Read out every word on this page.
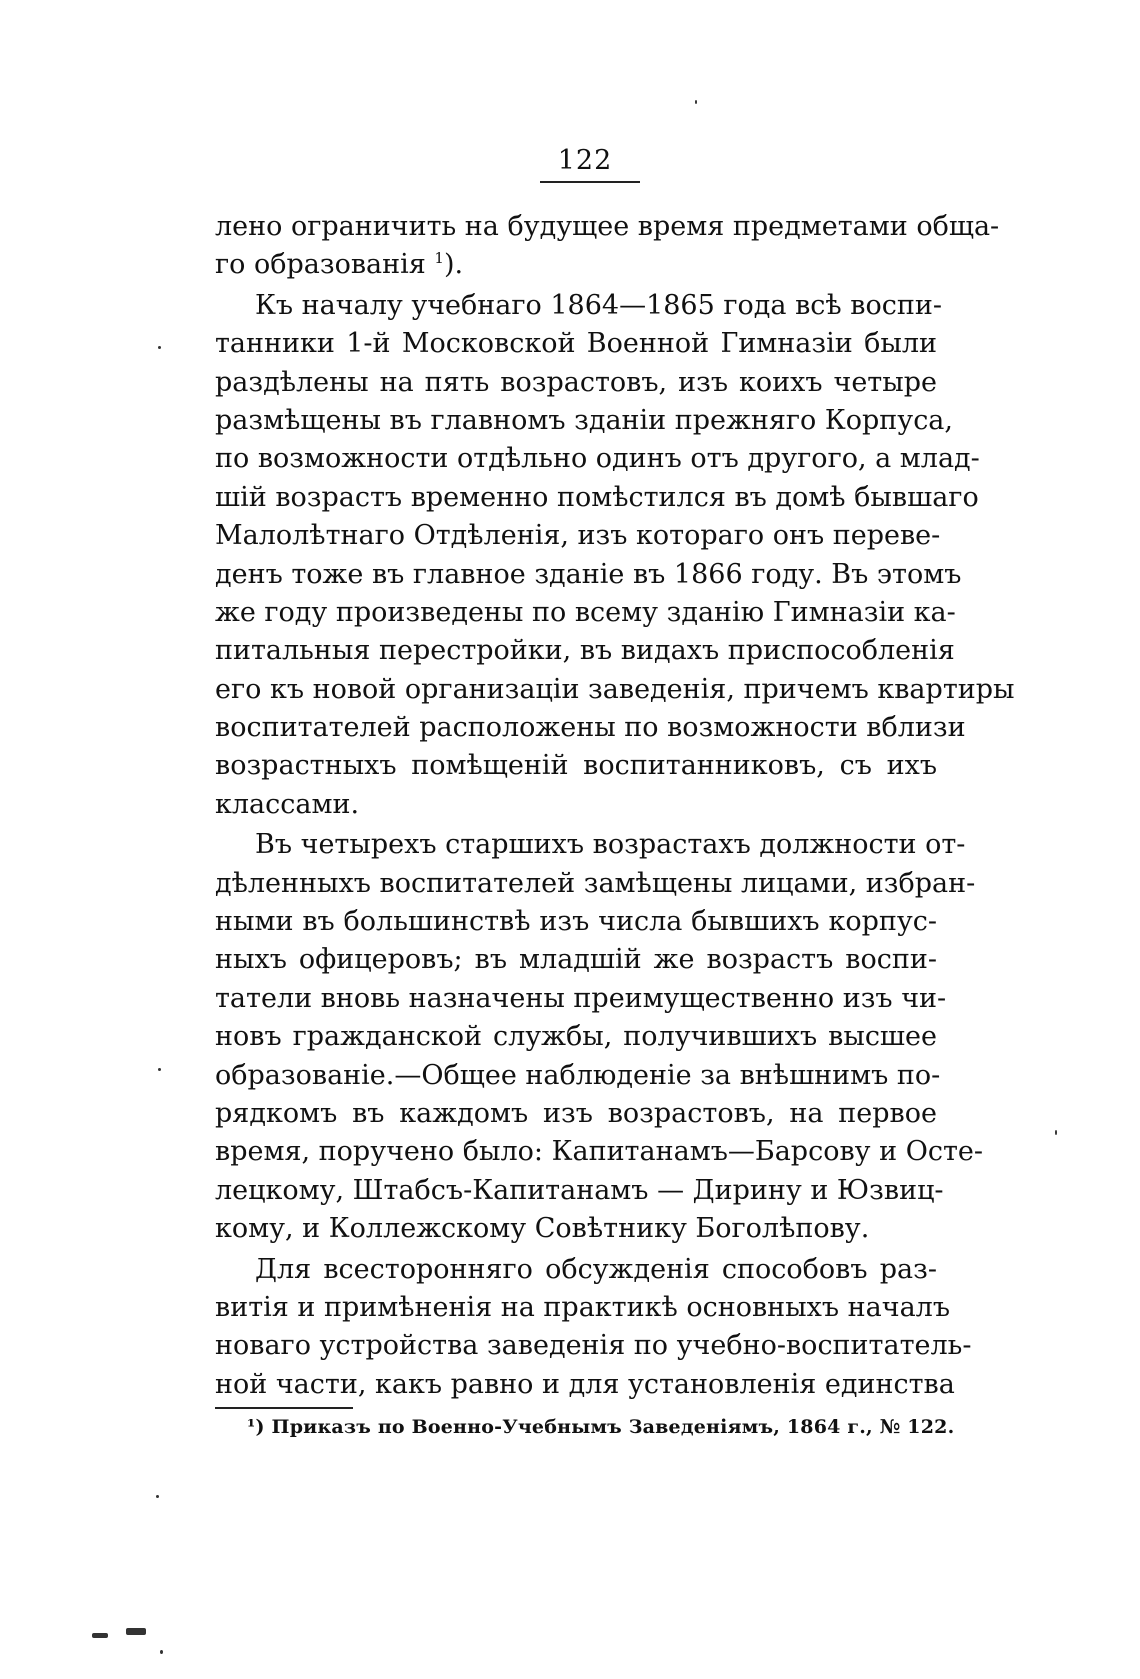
122
лено ограничить на будущее время предметами обща-
го образованія $^1$).
Къ началу учебнаго 1864—1865 года всѣ воспи-
танники 1-й Московской Военной Гимназіи были
раздѣлены на пять возрастовъ, изъ коихъ четыре
размѣщены въ главномъ зданіи прежняго Корпуса,
по возможности отдѣльно одинъ отъ другого, а млад-
шій возрастъ временно помѣстился въ домѣ бывшаго
Малолѣтнаго Отдѣленія, изъ котораго онъ переве-
денъ тоже въ главное зданіе въ 1866 году. Въ этомъ
же году произведены по всему зданію Гимназіи ка-
питальныя перестройки, въ видахъ приспособленія
его къ новой организаціи заведенія, причемъ квартиры
воспитателей расположены по возможности вблизи
возрастныхъ помѣщеній воспитанниковъ, съ ихъ
классами.
Въ четырехъ старшихъ возрастахъ должности от-
дѣленныхъ воспитателей замѣщены лицами, избран-
ными въ большинствѣ изъ числа бывшихъ корпус-
ныхъ офицеровъ; въ младшій же возрастъ воспи-
татели вновь назначены преимущественно изъ чи-
новъ гражданской службы, получившихъ высшее
образованіе.—Общее наблюденіе за внѣшнимъ по-
рядкомъ въ каждомъ изъ возрастовъ, на первое
время, поручено было: Капитанамъ—Барсову и Осте-
лецкому, Штабсъ-Капитанамъ — Дирину и Юзвиц-
кому, и Коллежскому Совѣтнику Боголѣпову.
Для всесторонняго обсужденія способовъ раз-
витія и примѣненія на практикѣ основныхъ началъ
новаго устройства заведенія по учебно-воспитатель-
ной части, какъ равно и для установленія единства
¹) Приказъ по Военно-Учебнымъ Заведеніямъ, 1864 г., № 122.
